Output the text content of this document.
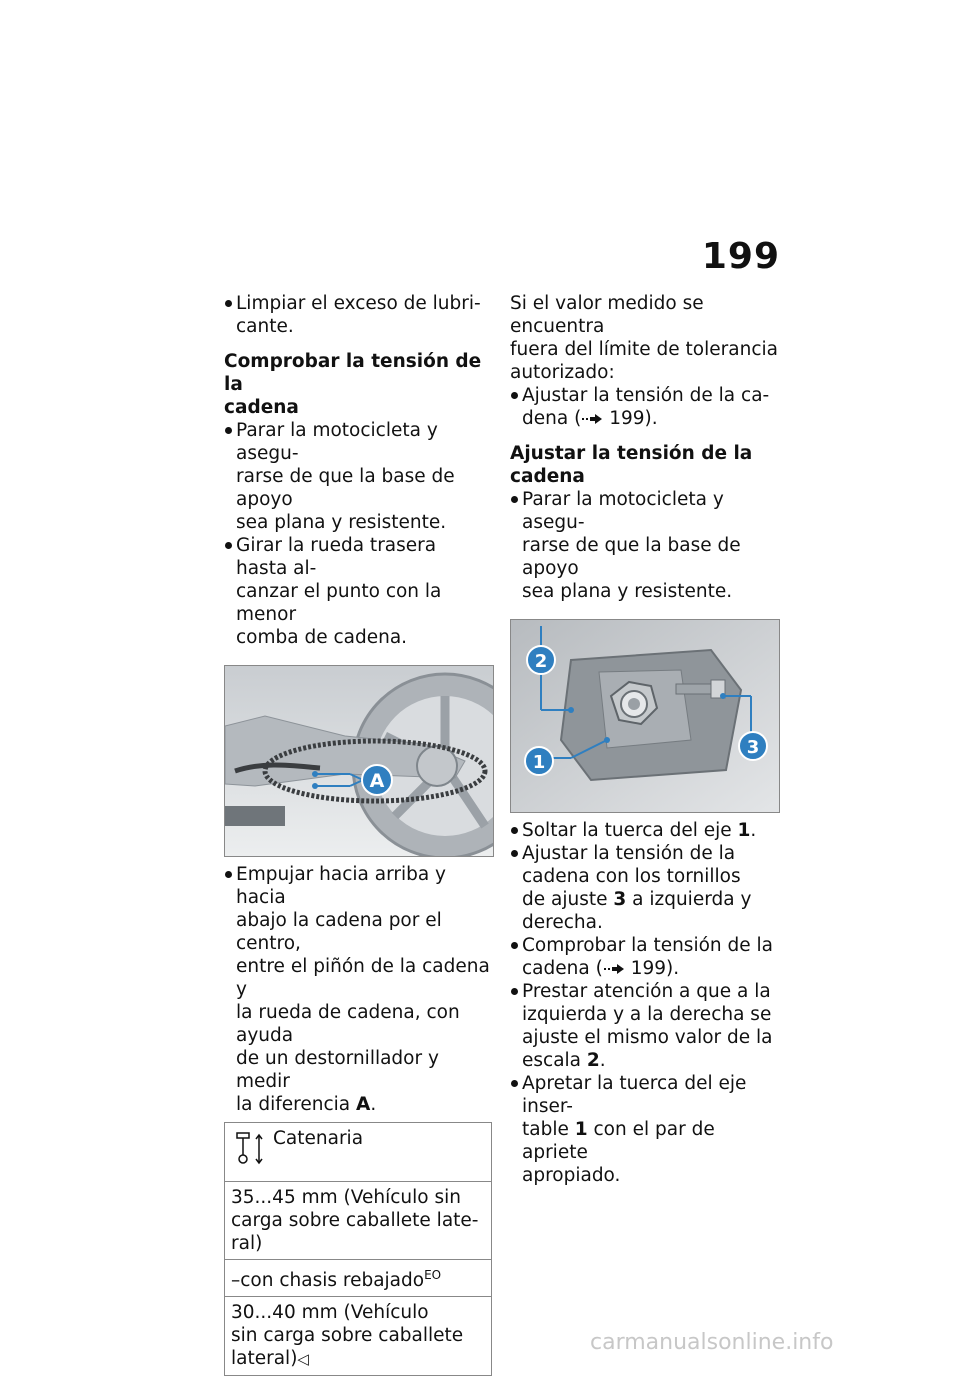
199
Limpiar el exceso de lubri-
cante.
Comprobar la tensión de la
cadena
Parar la motocicleta y asegu-
rarse de que la base de apoyo
sea plana y resistente.
Girar la rueda trasera hasta al-
canzar el punto con la menor
comba de cadena.
A
Empujar hacia arriba y hacia
abajo la cadena por el centro,
entre el piñón de la cadena y
la rueda de cadena, con ayuda
de un destornillador y medir
la diferencia A.
Catenaria

35...45 mm (Vehículo sin
carga sobre caballete late-
ral)

–con chasis rebajado$^{EO}$

30...40 mm (Vehículo
sin carga sobre caballete
lateral)◁
Si el valor medido se encuentra
fuera del límite de tolerancia
autorizado:
Ajustar la tensión de la ca-
dena ( 199).
Ajustar la tensión de la
cadena
Parar la motocicleta y asegu-
rarse de que la base de apoyo
sea plana y resistente.
2
1
3
Soltar la tuerca del eje 1.
Ajustar la tensión de la
cadena con los tornillos
de ajuste 3 a izquierda y
derecha.
Comprobar la tensión de la
cadena ( 199).
Prestar atención a que a la
izquierda y a la derecha se
ajuste el mismo valor de la
escala 2.
Apretar la tuerca del eje inser-
table 1 con el par de apriete
apropiado.
carmanualsonline.info
